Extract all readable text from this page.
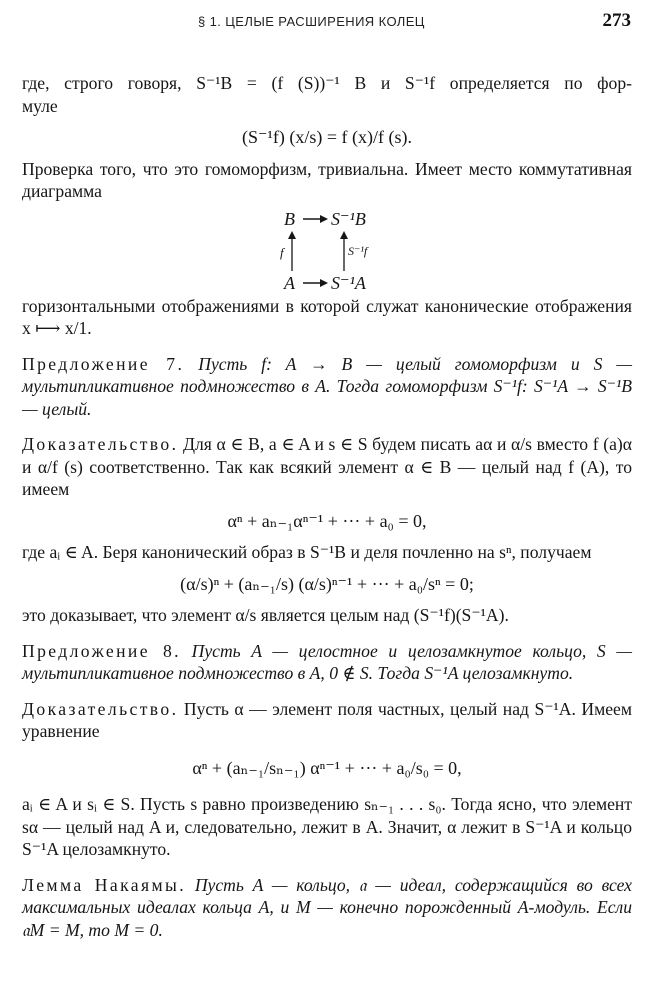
§ 1. ЦЕЛЫЕ РАСШИРЕНИЯ КОЛЕЦ	273

где, строго говоря, S⁻¹B = (f (S))⁻¹ B и S⁻¹f определяется по фор-

муле

(S⁻¹f) (x/s) = f (x)/f (s).

Проверка того, что это гомоморфизм, тривиальна. Имеет место коммутативная диаграмма

B S⁻¹B
f	S⁻¹f
A S⁻¹A

горизонтальными отображениями в которой служат канонические отображения x ⟼ x/1.

Предложение 7. Пусть f: A → B — целый гомоморфизм и S — мультипликативное подмножество в A. Тогда гомоморфизм S⁻¹f: S⁻¹A → S⁻¹B — целый.

Доказательство. Для α ∈ B, a ∈ A и s ∈ S будем писать aα и α/s вместо f (a)α и α/f (s) соответственно. Так как всякий элемент α ∈ B — целый над f (A), то имеем

αⁿ + aₙ₋₁αⁿ⁻¹ + ··· + a₀ = 0,

где aᵢ ∈ A. Беря канонический образ в S⁻¹B и деля почленно на sⁿ, получаем

(α/s)ⁿ + (aₙ₋₁/s) (α/s)ⁿ⁻¹ + ··· + a₀/sⁿ = 0;

это доказывает, что элемент α/s является целым над (S⁻¹f)(S⁻¹A).

Предложение 8. Пусть A — целостное и целозамкнутое кольцо, S — мультипликативное подмножество в A, 0 ∉ S. Тогда S⁻¹A целозамкнуто.

Доказательство. Пусть α — элемент поля частных, целый над S⁻¹A. Имеем уравнение

αⁿ + (aₙ₋₁/sₙ₋₁) αⁿ⁻¹ + ··· + a₀/s₀ = 0,

aᵢ ∈ A и sᵢ ∈ S. Пусть s равно произведению sₙ₋₁ . . . s₀. Тогда ясно, что элемент sα — целый над A и, следовательно, лежит в A. Значит, α лежит в S⁻¹A и кольцо S⁻¹A целозамкнуто.

Лемма Накаямы. Пусть A — кольцо, 𝔞 — идеал, содержащийся во всех максимальных идеалах кольца A, и M — конечно порожденный A-модуль. Если 𝔞M = M, то M = 0.
